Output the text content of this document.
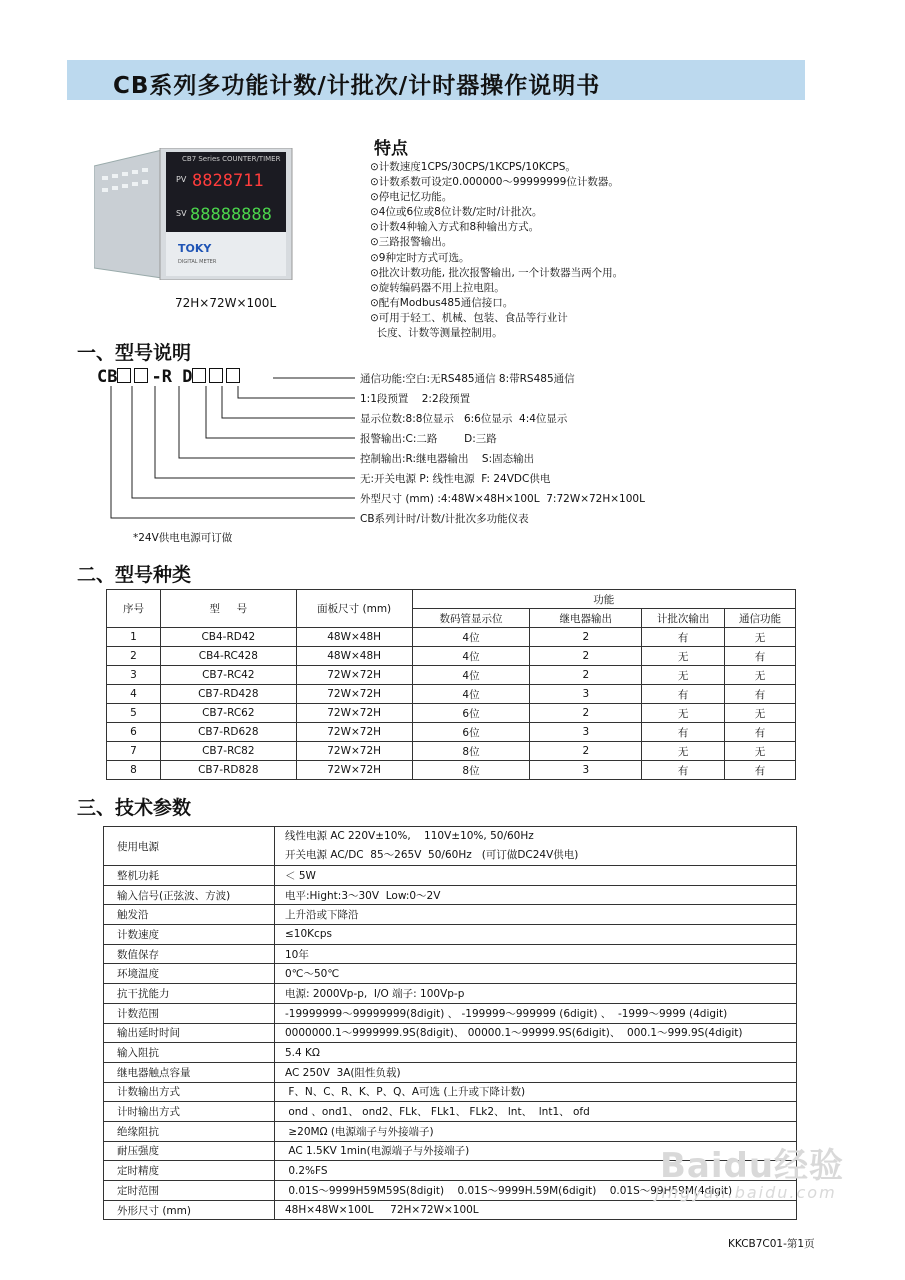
CB系列多功能计数/计批次/计时器操作说明书
CB7 Series COUNTER/TIMER
PV 8828711
SV 88888888
TOKY
DIGITAL METER
72H×72W×100L
特点
⊙计数速度1CPS/30CPS/1KCPS/10KCPS。
⊙计数系数可设定0.000000～99999999位计数器。
⊙停电记忆功能。
⊙4位或6位或8位计数/定时/计批次。
⊙计数4种输入方式和8种输出方式。
⊙三路报警输出。
⊙9种定时方式可选。
⊙批次计数功能, 批次报警输出, 一个计数器当两个用。
⊙旋转编码器不用上拉电阻。
⊙配有Modbus485通信接口。
⊙可用于轻工、机械、包装、食品等行业计
长度、计数等测量控制用。
一、型号说明
CB -R D	通信功能:空白:无RS485通信 8:带RS485通信
1:1段预置    2:2段预置
显示位数:8:8位显示   6:6位显示  4:4位显示
报警输出:C:二路        D:三路
控制输出:R:继电器输出    S:固态输出
无:开关电源 P: 线性电源  F: 24VDC供电
外型尺寸 (mm) :4:48W×48H×100L  7:72W×72H×100L
CB系列计时/计数/计批次多功能仪表
*24V供电电源可订做
二、型号种类
序号	型     号	面板尺寸 (mm)	功能			
			数码管显示位	继电器输出	计批次输出	通信功能
1	CB4-RD42	48W×48H	4位	2	有	无
2	CB4-RC428	48W×48H	4位	2	无	有
3	CB7-RC42	72W×72H	4位	2	无	无
4	CB7-RD428	72W×72H	4位	3	有	有
5	CB7-RC62	72W×72H	6位	2	无	无
6	CB7-RD628	72W×72H	6位	3	有	有
7	CB7-RC82	72W×72H	8位	2	无	无
8	CB7-RD828	72W×72H	8位	3	有	有
三、技术参数
使用电源	线性电源 AC 220V±10%,    110V±10%, 50/60Hz
开关电源 AC/DC  85～265V  50/60Hz   (可订做DC24V供电)

整机功耗	＜ 5W
输入信号(正弦波、方波)	电平:Hight:3～30V  Low:0～2V
触发沿	上升沿或下降沿
计数速度	≤10Kcps
数值保存	10年
环境温度	0℃～50℃
抗干扰能力	电源: 2000Vp-p,  I/O 端子: 100Vp-p
计数范围	-19999999～99999999(8digit) 、 -199999～999999 (6digit) 、  -1999～9999 (4digit)
输出延时时间	0000000.1～9999999.9S(8digit)、 00000.1～99999.9S(6digit)、  000.1～999.9S(4digit)
输入阻抗	5.4 KΩ
继电器触点容量	AC 250V  3A(阻性负载)
计数输出方式	F、N、C、R、K、P、Q、A可选 (上升或下降计数)
计时输出方式	ond 、ond1、 ond2、FLk、 FLk1、 FLk2、 lnt、  lnt1、 ofd
绝缘阻抗	≥20MΩ (电源端子与外接端子)
耐压强度	AC 1.5KV 1min(电源端子与外接端子)
定时精度	0.2%FS
定时范围	0.01S～9999H59M59S(8digit)    0.01S～9999H.59M(6digit)    0.01S～99H59M(4digit)
外形尺寸 (mm)	48H×48W×100L     72H×72W×100L
Baidu经验
jingyan.baidu.com
KKCB7C01-第1页
